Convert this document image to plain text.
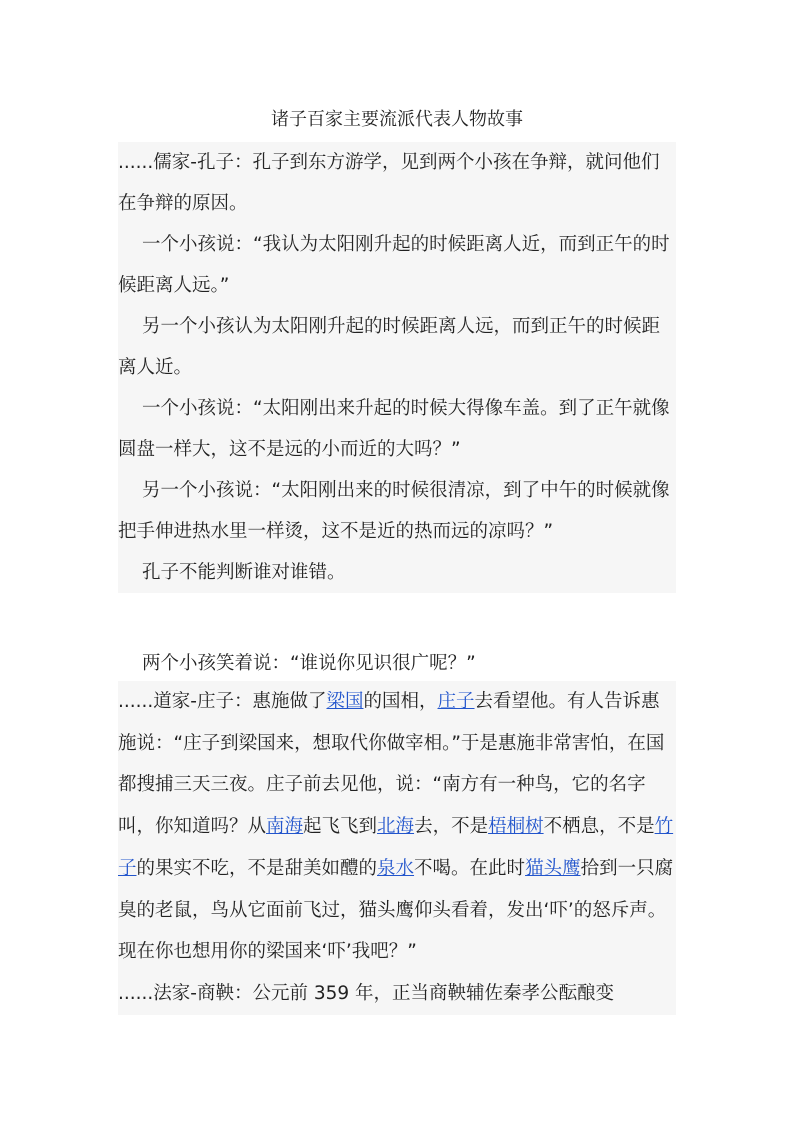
诸子百家主要流派代表人物故事

......儒家-孔子：孔子到东方游学，见到两个小孩在争辩，就问他们在争辩的原因。

一个小孩说：“我认为太阳刚升起的时候距离人近，而到正午的时候距离人远。”

另一个小孩认为太阳刚升起的时候距离人远，而到正午的时候距离人近。

一个小孩说：“太阳刚出来升起的时候大得像车盖。到了正午就像圆盘一样大，这不是远的小而近的大吗？”

另一个小孩说：“太阳刚出来的时候很清凉，到了中午的时候就像把手伸进热水里一样烫，这不是近的热而远的凉吗？”

孔子不能判断谁对谁错。

两个小孩笑着说：“谁说你见识很广呢？”

......道家-庄子：惠施做了梁国的国相，庄子去看望他。有人告诉惠施说：“庄子到梁国来，想取代你做宰相。”于是惠施非常害怕，在国都搜捕三天三夜。庄子前去见他，说：“南方有一种鸟，它的名字叫，你知道吗？从南海起飞飞到北海去，不是梧桐树不栖息，不是竹子的果实不吃，不是甜美如醴的泉水不喝。在此时猫头鹰拾到一只腐臭的老鼠，鸟从它面前飞过，猫头鹰仰头看着，发出‘吓’的怒斥声。现在你也想用你的梁国来‘吓’我吧？”

......法家-商鞅：公元前 359 年，正当商鞅辅佐秦孝公酝酿变
